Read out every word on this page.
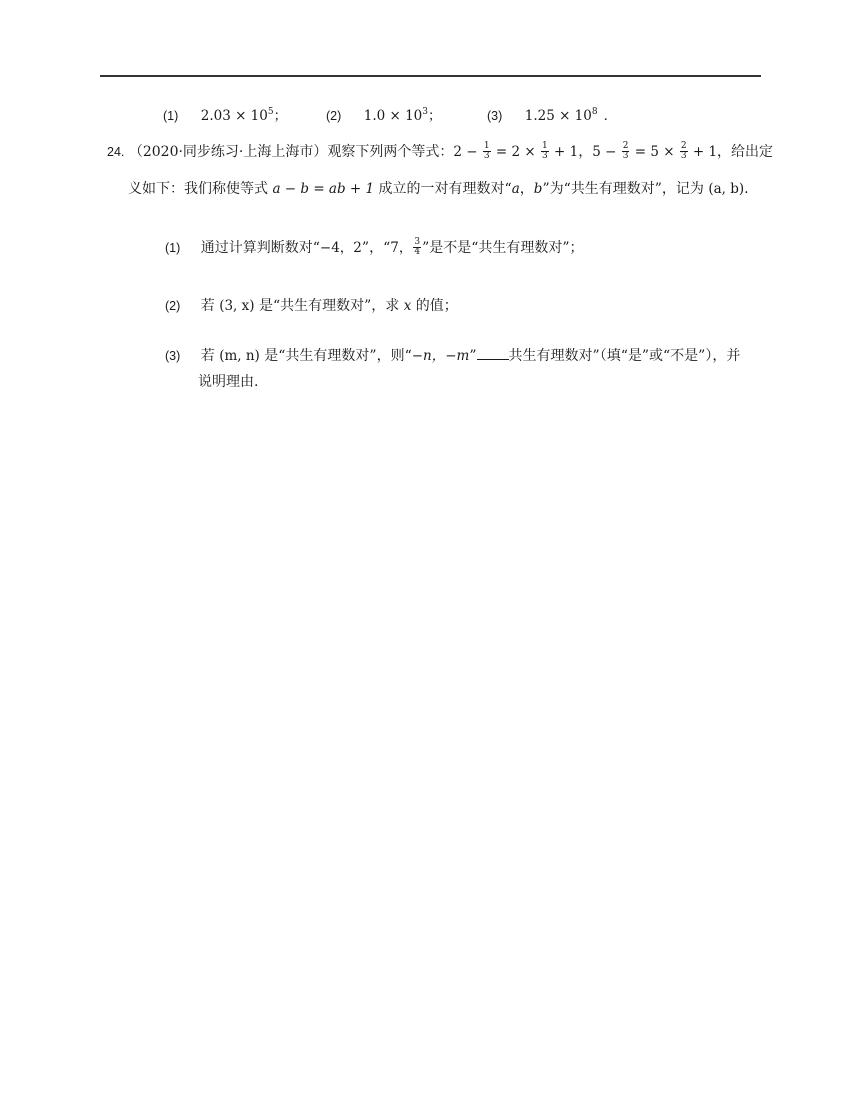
(1) $2.03 \times 10^5$；	(2) $1.0 \times 10^3$；	(3) $1.25 \times 10^8$ ．
24. （2020·同步练习·上海上海市）观察下列两个等式：$2 - \frac{1}{3} = 2 \times \frac{1}{3} + 1$，$5 - \frac{2}{3} = 5 \times \frac{2}{3} + 1$，给出定
义如下：我们称使等式 a − b = ab + 1 成立的一对有理数对“a，b”为“共生有理数对”，记为 (a, b).
(1) 通过计算判断数对“−4，2”，“7， $\frac{3}{4}$ ”是不是“共生有理数对”；
(2) 若 (3, x) 是“共生有理数对”，求 x 的值；
(3) 若 (m, n) 是“共生有理数对”，则“−n，−m” 共生有理数对”（填“是”或“不是”），并
说明理由.
